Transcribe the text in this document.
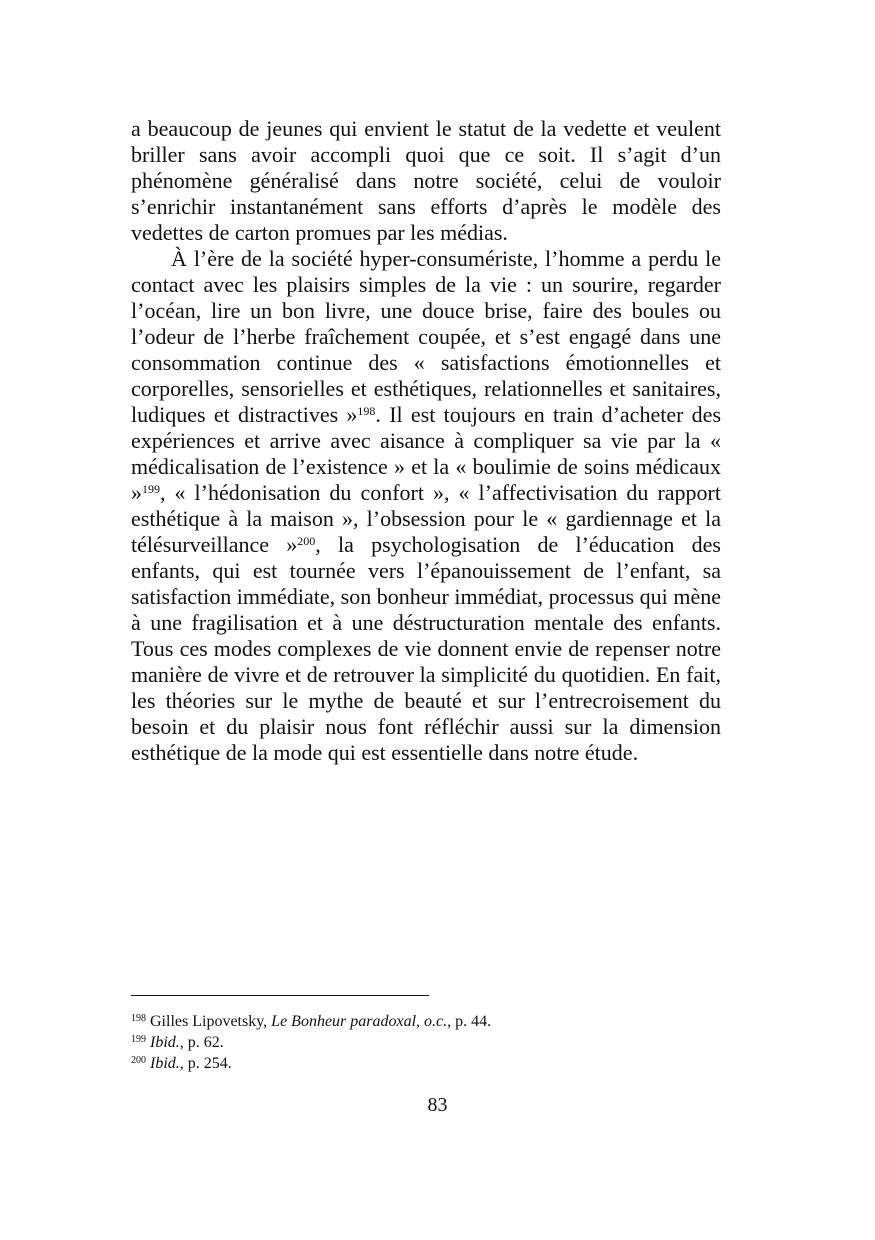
a beaucoup de jeunes qui envient le statut de la vedette et veulent briller sans avoir accompli quoi que ce soit. Il s’agit d’un phénomène généralisé dans notre société, celui de vouloir s’enrichir instantanément sans efforts d’après le modèle des vedettes de carton promues par les médias.

À l’ère de la société hyper-consumériste, l’homme a perdu le contact avec les plaisirs simples de la vie : un sourire, regarder l’océan, lire un bon livre, une douce brise, faire des boules ou l’odeur de l’herbe fraîchement coupée, et s’est engagé dans une consommation continue des « satisfactions émotionnelles et corporelles, sensorielles et esthétiques, relationnelles et sanitaires, ludiques et distractives »$^{198}$. Il est toujours en train d’acheter des expériences et arrive avec aisance à compliquer sa vie par la « médicalisation de l’existence » et la « boulimie de soins médicaux »$^{199}$, « l’hédonisation du confort », « l’affectivisation du rapport esthétique à la maison », l’obsession pour le « gardiennage et la télésurveillance »$^{200}$, la psychologisation de l’éducation des enfants, qui est tournée vers l’épanouissement de l’enfant, sa satisfaction immédiate, son bonheur immédiat, processus qui mène à une fragilisation et à une déstructuration mentale des enfants. Tous ces modes complexes de vie donnent envie de repenser notre manière de vivre et de retrouver la simplicité du quotidien. En fait, les théories sur le mythe de beauté et sur l’entrecroisement du besoin et du plaisir nous font réfléchir aussi sur la dimension esthétique de la mode qui est essentielle dans notre étude.

$^{198}$ Gilles Lipovetsky, Le Bonheur paradoxal, o.c., p. 44.
$^{199}$ Ibid., p. 62.
$^{200}$ Ibid., p. 254.
83
